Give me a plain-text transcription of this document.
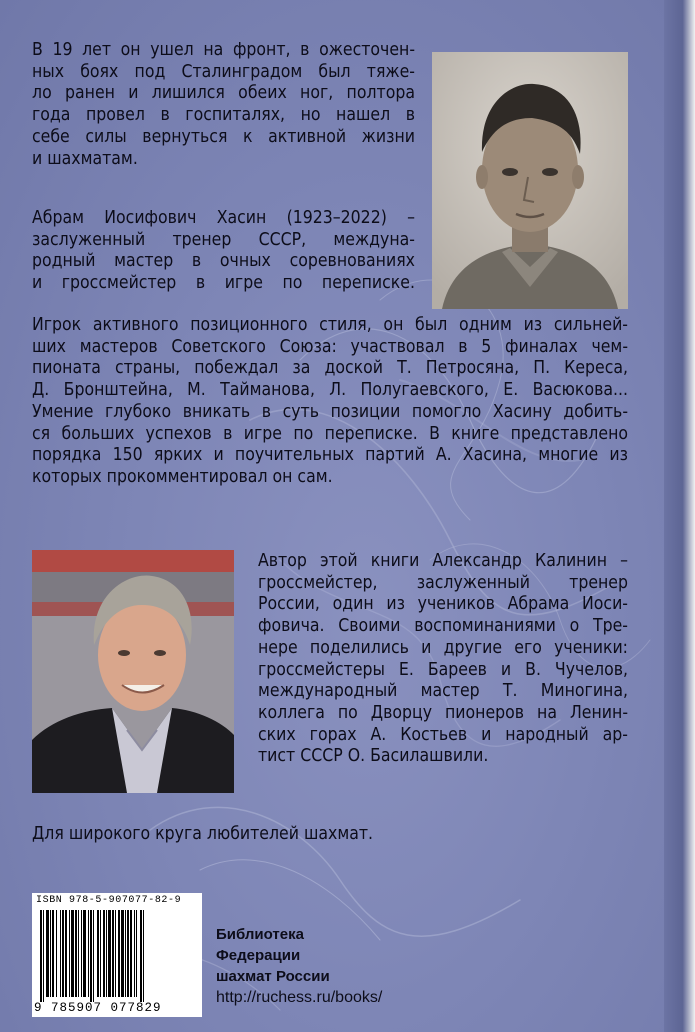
В 19 лет он ушел на фронт, в ожесточен-
ных боях под Сталинградом был тяже-
ло ранен и лишился обеих ног, полтора
года провел в госпиталях, но нашел в
себе силы вернуться к активной жизни
и шахматам.
Абрам Иосифович Хасин (1923–2022) –
заслуженный тренер СССР, междуна-
родный мастер в очных соревнованиях
и гроссмейстер в игре по переписке.
Игрок активного позиционного стиля, он был одним из сильней-
ших мастеров Советского Союза: участвовал в 5 финалах чем-
пионата страны, побеждал за доской Т. Петросяна, П. Кереса,
Д. Бронштейна, М. Тайманова, Л. Полугаевского, Е. Васюкова...
Умение глубоко вникать в суть позиции помогло Хасину добить-
ся больших успехов в игре по переписке. В книге представлено
порядка 150 ярких и поучительных партий А. Хасина, многие из
которых прокомментировал он сам.
Автор этой книги Александр Калинин –
гроссмейстер, заслуженный тренер
России, один из учеников Абрама Иоси-
фовича. Своими воспоминаниями о Тре-
нере поделились и другие его ученики:
гроссмейстеры Е. Бареев и В. Чучелов,
международный мастер Т. Миногина,
коллега по Дворцу пионеров на Ленин-
ских горах А. Костьев и народный ар-
тист СССР О. Басилашвили.
Для широкого круга любителей шахмат.
ISBN 978-5-907077-82-9
9 785907 077829
Библиотека
Федерации
шахмат России
http://ruchess.ru/books/
